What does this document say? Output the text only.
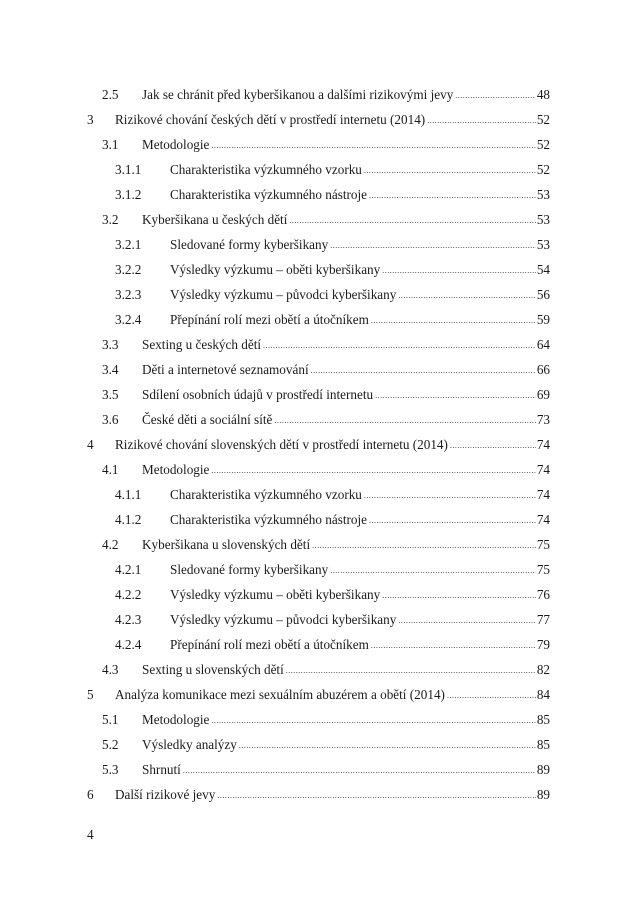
2.5 Jak se chránit před kyberšikanou a dalšími rizikovými jevy .....	48
3 Rizikové chování českých dětí v prostředí internetu (2014) .....	52
3.1 Metodologie .....	52
3.1.1 Charakteristika výzkumného vzorku .....	52
3.1.2 Charakteristika výzkumného nástroje .....	53
3.2 Kyberšikana u českých dětí .....	53
3.2.1 Sledované formy kyberšikany .....	53
3.2.2 Výsledky výzkumu – oběti kyberšikany .....	54
3.2.3 Výsledky výzkumu – původci kyberšikany .....	56
3.2.4 Přepínání rolí mezi obětí a útočníkem .....	59
3.3 Sexting u českých dětí .....	64
3.4 Děti a internetové seznamování .....	66
3.5 Sdílení osobních údajů v prostředí internetu .....	69
3.6 České děti a sociální sítě .....	73
4 Rizikové chování slovenských dětí v prostředí internetu (2014) .....	74
4.1 Metodologie .....	74
4.1.1 Charakteristika výzkumného vzorku .....	74
4.1.2 Charakteristika výzkumného nástroje .....	74
4.2 Kyberšikana u slovenských dětí .....	75
4.2.1 Sledované formy kyberšikany .....	75
4.2.2 Výsledky výzkumu – oběti kyberšikany .....	76
4.2.3 Výsledky výzkumu – původci kyberšikany .....	77
4.2.4 Přepínání rolí mezi obětí a útočníkem .....	79
4.3 Sexting u slovenských dětí .....	82
5 Analýza komunikace mezi sexuálním abuzérem a obětí (2014) .....	84
5.1 Metodologie .....	85
5.2 Výsledky analýzy .....	85
5.3 Shrnutí .....	89
6 Další rizikové jevy .....	89
4
